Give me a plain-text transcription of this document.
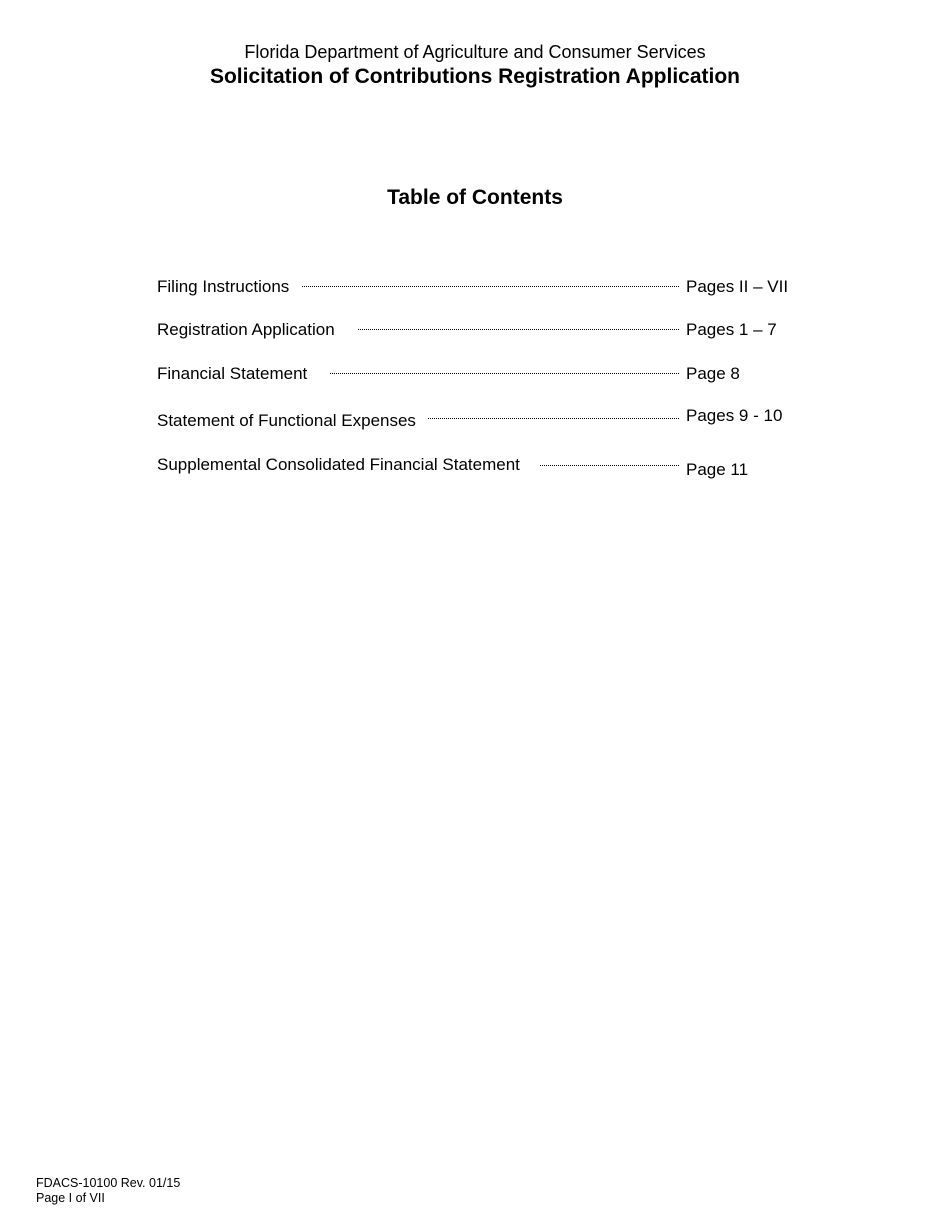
Florida Department of Agriculture and Consumer Services
Solicitation of Contributions Registration Application
Table of Contents
Filing Instructions	Pages II – VII
Registration Application	Pages 1 – 7
Financial Statement	Page 8
Statement of Functional Expenses	Pages 9 - 10
Supplemental Consolidated Financial Statement	Page 11
FDACS-10100 Rev. 01/15
Page I of VII
